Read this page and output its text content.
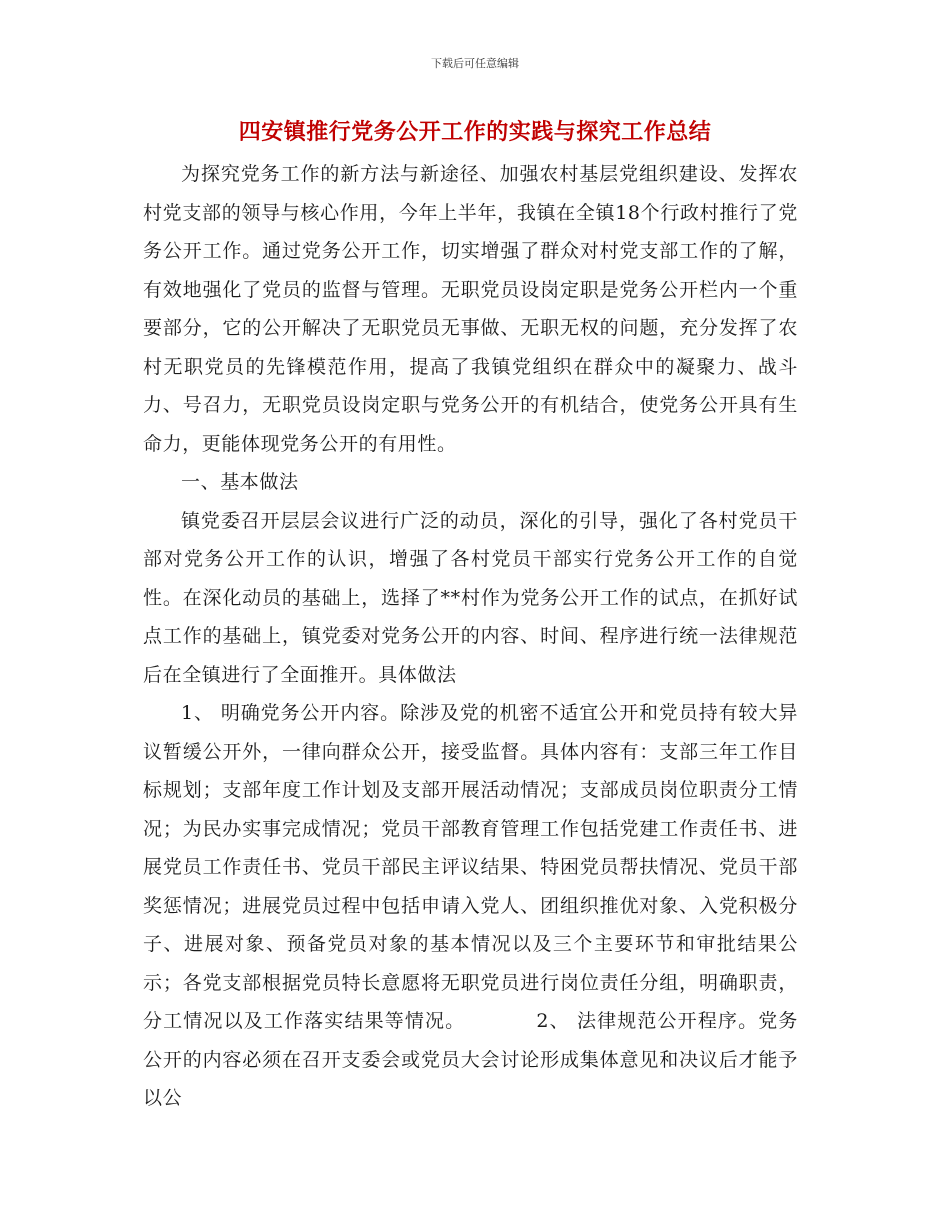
下载后可任意编辑
四安镇推行党务公开工作的实践与探究工作总结

为探究党务工作的新方法与新途径、加强农村基层党组织建设、发挥农村党支部的领导与核心作用，今年上半年，我镇在全镇18个行政村推行了党务公开工作。通过党务公开工作，切实增强了群众对村党支部工作的了解，有效地强化了党员的监督与管理。无职党员设岗定职是党务公开栏内一个重要部分，它的公开解决了无职党员无事做、无职无权的问题，充分发挥了农村无职党员的先锋模范作用，提高了我镇党组织在群众中的凝聚力、战斗力、号召力，无职党员设岗定职与党务公开的有机结合，使党务公开具有生命力，更能体现党务公开的有用性。

一、基本做法

镇党委召开层层会议进行广泛的动员，深化的引导，强化了各村党员干部对党务公开工作的认识，增强了各村党员干部实行党务公开工作的自觉性。在深化动员的基础上，选择了**村作为党务公开工作的试点，在抓好试点工作的基础上，镇党委对党务公开的内容、时间、程序进行统一法律规范后在全镇进行了全面推开。具体做法

1、 明确党务公开内容。除涉及党的机密不适宜公开和党员持有较大异议暂缓公开外，一律向群众公开，接受监督。具体内容有：支部三年工作目标规划；支部年度工作计划及支部开展活动情况；支部成员岗位职责分工情况；为民办实事完成情况；党员干部教育管理工作包括党建工作责任书、进展党员工作责任书、党员干部民主评议结果、特困党员帮扶情况、党员干部奖惩情况；进展党员过程中包括申请入党人、团组织推优对象、入党积极分子、进展对象、预备党员对象的基本情况以及三个主要环节和审批结果公示；各党支部根据党员特长意愿将无职党员进行岗位责任分组，明确职责，分工情况以及工作落实结果等情况。　　　　2、 法律规范公开程序。党务公开的内容必须在召开支委会或党员大会讨论形成集体意见和决议后才能予以公
